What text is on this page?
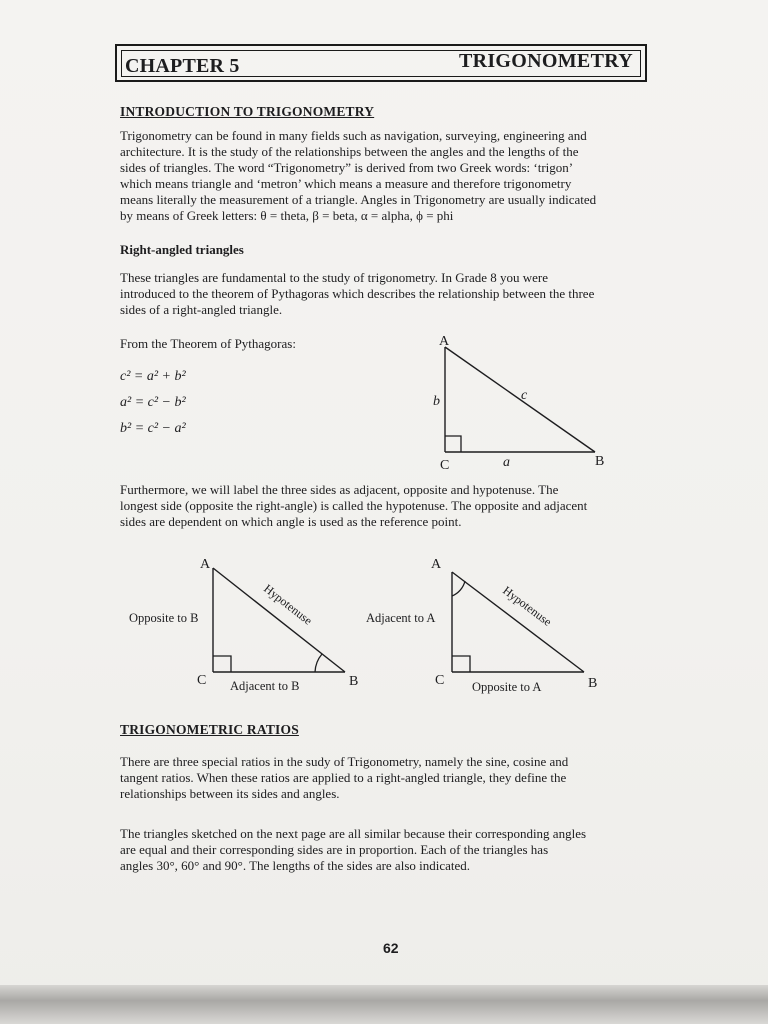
CHAPTER 5	TRIGONOMETRY
INTRODUCTION TO TRIGONOMETRY

Trigonometry can be found in many fields such as navigation, surveying, engineering and

architecture. It is the study of the relationships between the angles and the lengths of the

sides of triangles. The word “Trigonometry” is derived from two Greek words: ‘trigon’

which means triangle and ‘metron’ which means a measure and therefore trigonometry

means literally the measurement of a triangle. Angles in Trigonometry are usually indicated

by means of Greek letters: θ = theta, β = beta, α = alpha, ϕ = phi

Right-angled triangles

These triangles are fundamental to the study of trigonometry. In Grade 8 you were

introduced to the theorem of Pythagoras which describes the relationship between the three

sides of a right-angled triangle.

From the Theorem of Pythagoras:
c² = a² + b²
a² = c² − b²
b² = c² − a²
A
C	B
b
a
c

Furthermore, we will label the three sides as adjacent, opposite and hypotenuse. The

longest side (opposite the right-angle) is called the hypotenuse. The opposite and adjacent

sides are dependent on which angle is used as the reference point.

A
C	B
Opposite to B
Adjacent to B
Hypotenuse
A
C	B
Adjacent to A
Opposite to A
Hypotenuse
TRIGONOMETRIC RATIOS

There are three special ratios in the sudy of Trigonometry, namely the sine, cosine and

tangent ratios. When these ratios are applied to a right-angled triangle, they define the

relationships between its sides and angles.

The triangles sketched on the next page are all similar because their corresponding angles

are equal and their corresponding sides are in proportion. Each of the triangles has

angles 30°, 60° and 90°. The lengths of the sides are also indicated.

62
